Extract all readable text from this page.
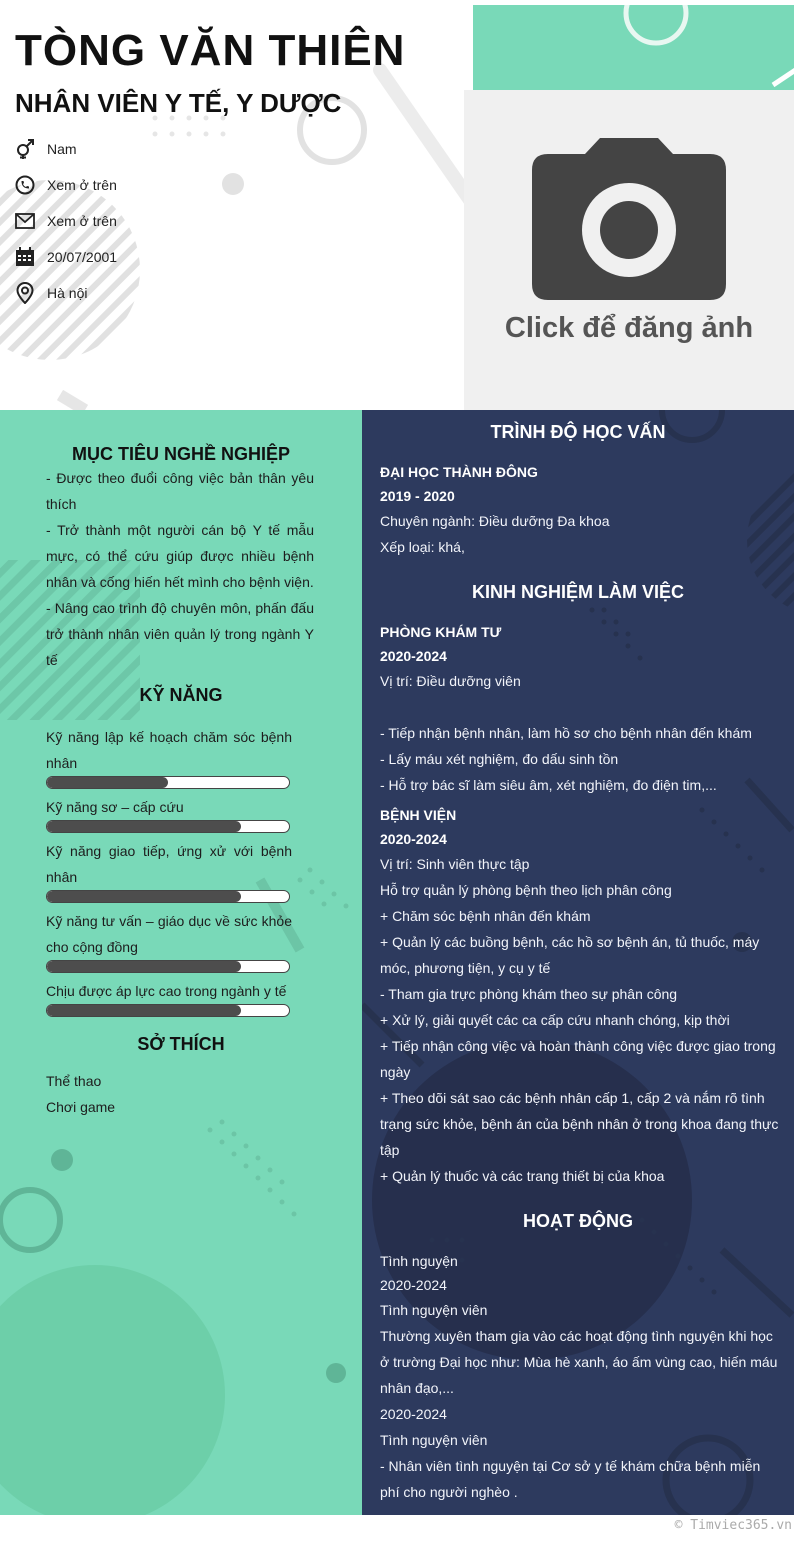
TÒNG VĂN THIÊN
NHÂN VIÊN Y TẾ, Y DƯỢC
Nam
Xem ở trên
Xem ở trên
20/07/2001
Hà nội
Click để đăng ảnh
MỤC TIÊU NGHỀ NGHIỆP
- Được theo đuổi công việc bản thân yêu thích
- Trở thành một người cán bộ Y tế mẫu mực, có thể cứu giúp được nhiều bệnh nhân và cống hiến hết mình cho bệnh viện.
- Nâng cao trình độ chuyên môn, phấn đấu trở thành nhân viên quản lý trong ngành Y tế
KỸ NĂNG
Kỹ năng lập kế hoạch chăm sóc bệnh nhân
Kỹ năng sơ – cấp cứu
Kỹ năng giao tiếp, ứng xử với bệnh nhân
Kỹ năng tư vấn – giáo dục về sức khỏe cho cộng đồng
Chịu được áp lực cao trong ngành y tế
SỞ THÍCH
Thể thao
Chơi game
TRÌNH ĐỘ HỌC VẤN
ĐẠI HỌC THÀNH ĐÔNG
2019 - 2020
Chuyên ngành: Điều dưỡng Đa khoa
Xếp loại: khá,
KINH NGHIỆM LÀM VIỆC
PHÒNG KHÁM TƯ
2020-2024
Vị trí: Điều dưỡng viên
- Tiếp nhận bệnh nhân, làm hồ sơ cho bệnh nhân đến khám
- Lấy máu xét nghiệm, đo dấu sinh tồn
- Hỗ trợ bác sĩ làm siêu âm, xét nghiệm, đo điện tim,...
BỆNH VIỆN
2020-2024
Vị trí: Sinh viên thực tập
Hỗ trợ quản lý phòng bệnh theo lịch phân công
+ Chăm sóc bệnh nhân đến khám
+ Quản lý các buồng bệnh, các hồ sơ bệnh án, tủ thuốc, máy móc, phương tiện, y cụ y tế
- Tham gia trực phòng khám theo sự phân công
+ Xử lý, giải quyết các ca cấp cứu nhanh chóng, kịp thời
+ Tiếp nhận công việc và hoàn thành công việc được giao trong ngày
+ Theo dõi sát sao các bệnh nhân cấp 1, cấp 2 và nắm rõ tình trạng sức khỏe, bệnh án của bệnh nhân ở trong khoa đang thực tập
+ Quản lý thuốc và các trang thiết bị của khoa
HOẠT ĐỘNG
Tình nguyện
2020-2024
Tình nguyện viên
Thường xuyên tham gia vào các hoạt động tình nguyện khi học ở trường Đại học như: Mùa hè xanh, áo ấm vùng cao, hiến máu nhân đạo,...
2020-2024
Tình nguyện viên
- Nhân viên tình nguyện tại Cơ sở y tế khám chữa bệnh miễn phí cho người nghèo .
© Timviec365.vn
